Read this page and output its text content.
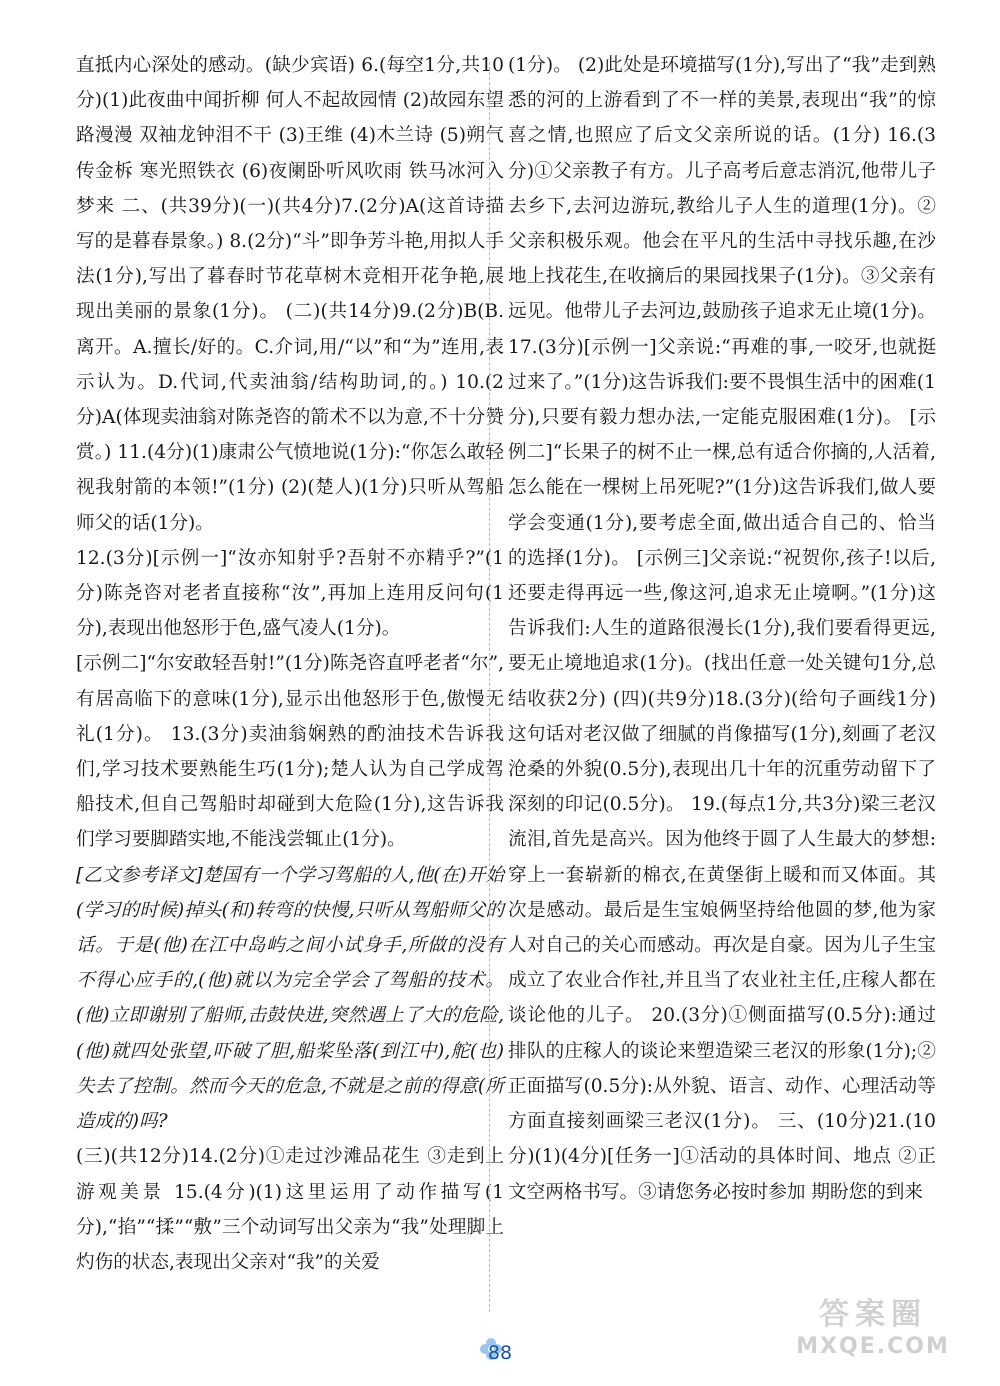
直抵内心深处的感动。(缺少宾语) 6.(每空1分,共10分)(1)此夜曲中闻折柳 何人不起故园情 (2)故园东望路漫漫 双袖龙钟泪不干 (3)王维 (4)木兰诗 (5)朔气传金柝 寒光照铁衣 (6)夜阑卧听风吹雨 铁马冰河入梦来 二、(共39分)(一)(共4分)7.(2分)A(这首诗描写的是暮春景象。) 8.(2分)“斗”即争芳斗艳,用拟人手法(1分),写出了暮春时节花草树木竞相开花争艳,展现出美丽的景象(1分)。 (二)(共14分)9.(2分)B(B.离开。A.擅长/好的。C.介词,用/“以”和“为”连用,表示认为。D.代词,代卖油翁/结构助词,的。) 10.(2分)A(体现卖油翁对陈尧咨的箭术不以为意,不十分赞赏。) 11.(4分)(1)康肃公气愤地说(1分):“你怎么敢轻视我射箭的本领!”(1分) (2)(楚人)(1分)只听从驾船师父的话(1分)。

12.(3分)[示例一]“汝亦知射乎?吾射不亦精乎?”(1分)陈尧咨对老者直接称“汝”,再加上连用反问句(1分),表现出他怒形于色,盛气凌人(1分)。

[示例二]“尔安敢轻吾射!”(1分)陈尧咨直呼老者“尔”,有居高临下的意味(1分),显示出他怒形于色,傲慢无礼(1分)。 13.(3分)卖油翁娴熟的酌油技术告诉我们,学习技术要熟能生巧(1分);楚人认为自己学成驾船技术,但自己驾船时却碰到大危险(1分),这告诉我们学习要脚踏实地,不能浅尝辄止(1分)。

[乙文参考译文]楚国有一个学习驾船的人,他(在)开始(学习的时候)掉头(和)转弯的快慢,只听从驾船师父的话。于是(他)在江中岛屿之间小试身手,所做的没有不得心应手的,(他)就以为完全学会了驾船的技术。(他)立即谢别了船师,击鼓快进,突然遇上了大的危险,(他)就四处张望,吓破了胆,船桨坠落(到江中),舵(也)失去了控制。然而今天的危急,不就是之前的得意(所造成的)吗?

(三)(共12分)14.(2分)①走过沙滩品花生 ③走到上游观美景 15.(4分)(1)这里运用了动作描写(1分),“掐”“揉”“敷”三个动词写出父亲为“我”处理脚上灼伤的状态,表现出父亲对“我”的关爱

(1分)。 (2)此处是环境描写(1分),写出了“我”走到熟悉的河的上游看到了不一样的美景,表现出“我”的惊喜之情,也照应了后文父亲所说的话。(1分) 16.(3分)①父亲教子有方。儿子高考后意志消沉,他带儿子去乡下,去河边游玩,教给儿子人生的道理(1分)。②父亲积极乐观。他会在平凡的生活中寻找乐趣,在沙地上找花生,在收摘后的果园找果子(1分)。③父亲有远见。他带儿子去河边,鼓励孩子追求无止境(1分)。 17.(3分)[示例一]父亲说:“再难的事,一咬牙,也就挺过来了。”(1分)这告诉我们:要不畏惧生活中的困难(1分),只要有毅力想办法,一定能克服困难(1分)。 [示例二]“长果子的树不止一棵,总有适合你摘的,人活着,怎么能在一棵树上吊死呢?”(1分)这告诉我们,做人要学会变通(1分),要考虑全面,做出适合自己的、恰当的选择(1分)。 [示例三]父亲说:“祝贺你,孩子!以后,还要走得再远一些,像这河,追求无止境啊。”(1分)这告诉我们:人生的道路很漫长(1分),我们要看得更远,要无止境地追求(1分)。(找出任意一处关键句1分,总结收获2分) (四)(共9分)18.(3分)(给句子画线1分) 这句话对老汉做了细腻的肖像描写(1分),刻画了老汉沧桑的外貌(0.5分),表现出几十年的沉重劳动留下了深刻的印记(0.5分)。 19.(每点1分,共3分)梁三老汉流泪,首先是高兴。因为他终于圆了人生最大的梦想:穿上一套崭新的棉衣,在黄堡街上暖和而又体面。其次是感动。最后是生宝娘俩坚持给他圆的梦,他为家人对自己的关心而感动。再次是自豪。因为儿子生宝成立了农业合作社,并且当了农业社主任,庄稼人都在谈论他的儿子。 20.(3分)①侧面描写(0.5分):通过排队的庄稼人的谈论来塑造梁三老汉的形象(1分);②正面描写(0.5分):从外貌、语言、动作、心理活动等方面直接刻画梁三老汉(1分)。 三、(10分)21.(10分)(1)(4分)[任务一]①活动的具体时间、地点 ②正文空两格书写。③请您务必按时参加 期盼您的到来

88
答案圈
MXQE.COM
